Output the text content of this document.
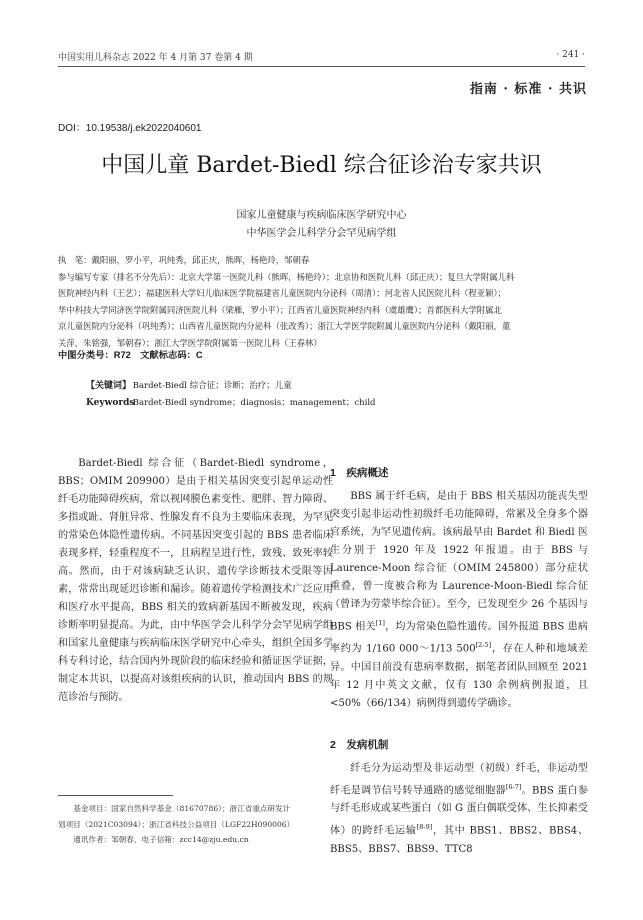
中国实用儿科杂志 2022 年 4 月第 37 卷第 4 期	· 241 ·
指南 · 标准 · 共识
DOI：10.19538/j.ek2022040601
中国儿童 Bardet-Biedl 综合征诊治专家共识
国家儿童健康与疾病临床医学研究中心
中华医学会儿科学分会罕见病学组

执　笔：戴阳丽，罗小平，巩纯秀，邱正庆，熊晖，杨艳玲，邹朝春

参与编写专家（排名不分先后）：北京大学第一医院儿科（熊晖，杨艳玲）；北京协和医院儿科（邱正庆）；复旦大学附属儿科

医院神经内科（王艺）；福建医科大学妇儿临床医学院福建省儿童医院内分泌科（周清）；河北省人民医院儿科（程亚颖）；

华中科技大学同济医学院附属同济医院儿科（梁雁，罗小平）；江西省儿童医院神经内科（虞雄鹰）；首都医科大学附属北

京儿童医院内分泌科（巩纯秀）；山西省儿童医院内分泌科（张改秀）；浙江大学医学院附属儿童医院内分泌科（戴阳丽，董

关萍，朱铭强，邹朝春）；浙江大学医学院附属第一医院儿科（王春林）

中图分类号：R72　文献标志码：C
【关键词】 Bardet-Biedl 综合征；诊断；治疗；儿童
Keywords Bardet-Biedl syndrome；diagnosis；management；child

Bardet-Biedl 综合征（Bardet-Biedl syndrome，BBS；OMIM 209900）是由于相关基因突变引起单运动性纤毛功能障碍疾病，常以视网膜色素变性、肥胖、智力障碍、多指或趾、肾脏异常、性腺发育不良为主要临床表现，为罕见的常染色体隐性遗传病。不同基因突变引起的 BBS 患者临床表现多样，轻重程度不一，且病程呈进行性，致残、致死率较高。然而，由于对该病缺乏认识、遗传学诊断技术受限等因素，常常出现延迟诊断和漏诊。随着遗传学检测技术广泛应用和医疗水平提高，BBS 相关的致病新基因不断被发现，疾病诊断率明显提高。为此，由中华医学会儿科学分会罕见病学组和国家儿童健康与疾病临床医学研究中心牵头，组织全国多学科专科讨论，结合国内外现阶段的临床经验和循证医学证据，制定本共识，以提高对该组疾病的认识，推动国内 BBS 的规范诊治与预防。

1　疾病概述

BBS 属于纤毛病，是由于 BBS 相关基因功能丧失型突变引起非运动性初级纤毛功能障碍，常累及全身多个器官系统，为罕见遗传病。该病最早由 Bardet 和 Biedl 医生分别于 1920 年及 1922 年报道。由于 BBS 与 Laurence-Moon 综合征（OMIM 245800）部分症状重叠，曾一度被合称为 Laurence-Moon-Biedl 综合征（曾译为劳蒙毕综合征）。至今，已发现至少 26 个基因与 BBS 相关[1]，均为常染色隐性遗传。国外报道 BBS 患病率约为 1/160 000～1/13 500[2-5]，存在人种和地域差异。中国目前没有患病率数据，据笔者团队回顾至 2021 年 12 月中英文文献，仅有 130 余例病例报道，且<50%（66/134）病例得到遗传学确诊。

2　发病机制

纤毛分为运动型及非运动型（初级）纤毛，非运动型纤毛是调节信号转导通路的感觉细胞器[6-7]。BBS 蛋白参与纤毛形成或某些蛋白（如 G 蛋白偶联受体、生长抑素受体）的跨纤毛运输[8-9]，其中 BBS1、BBS2、BBS4、BBS5、BBS7、BBS9、TTC8

基金项目：国家自然科学基金（81670786）；浙江省重点研发计

划项目（2021C03094）；浙江省科技公益项目（LGF22H090006）

通讯作者：邹朝春，电子信箱：zcc14@zju.edu.cn
